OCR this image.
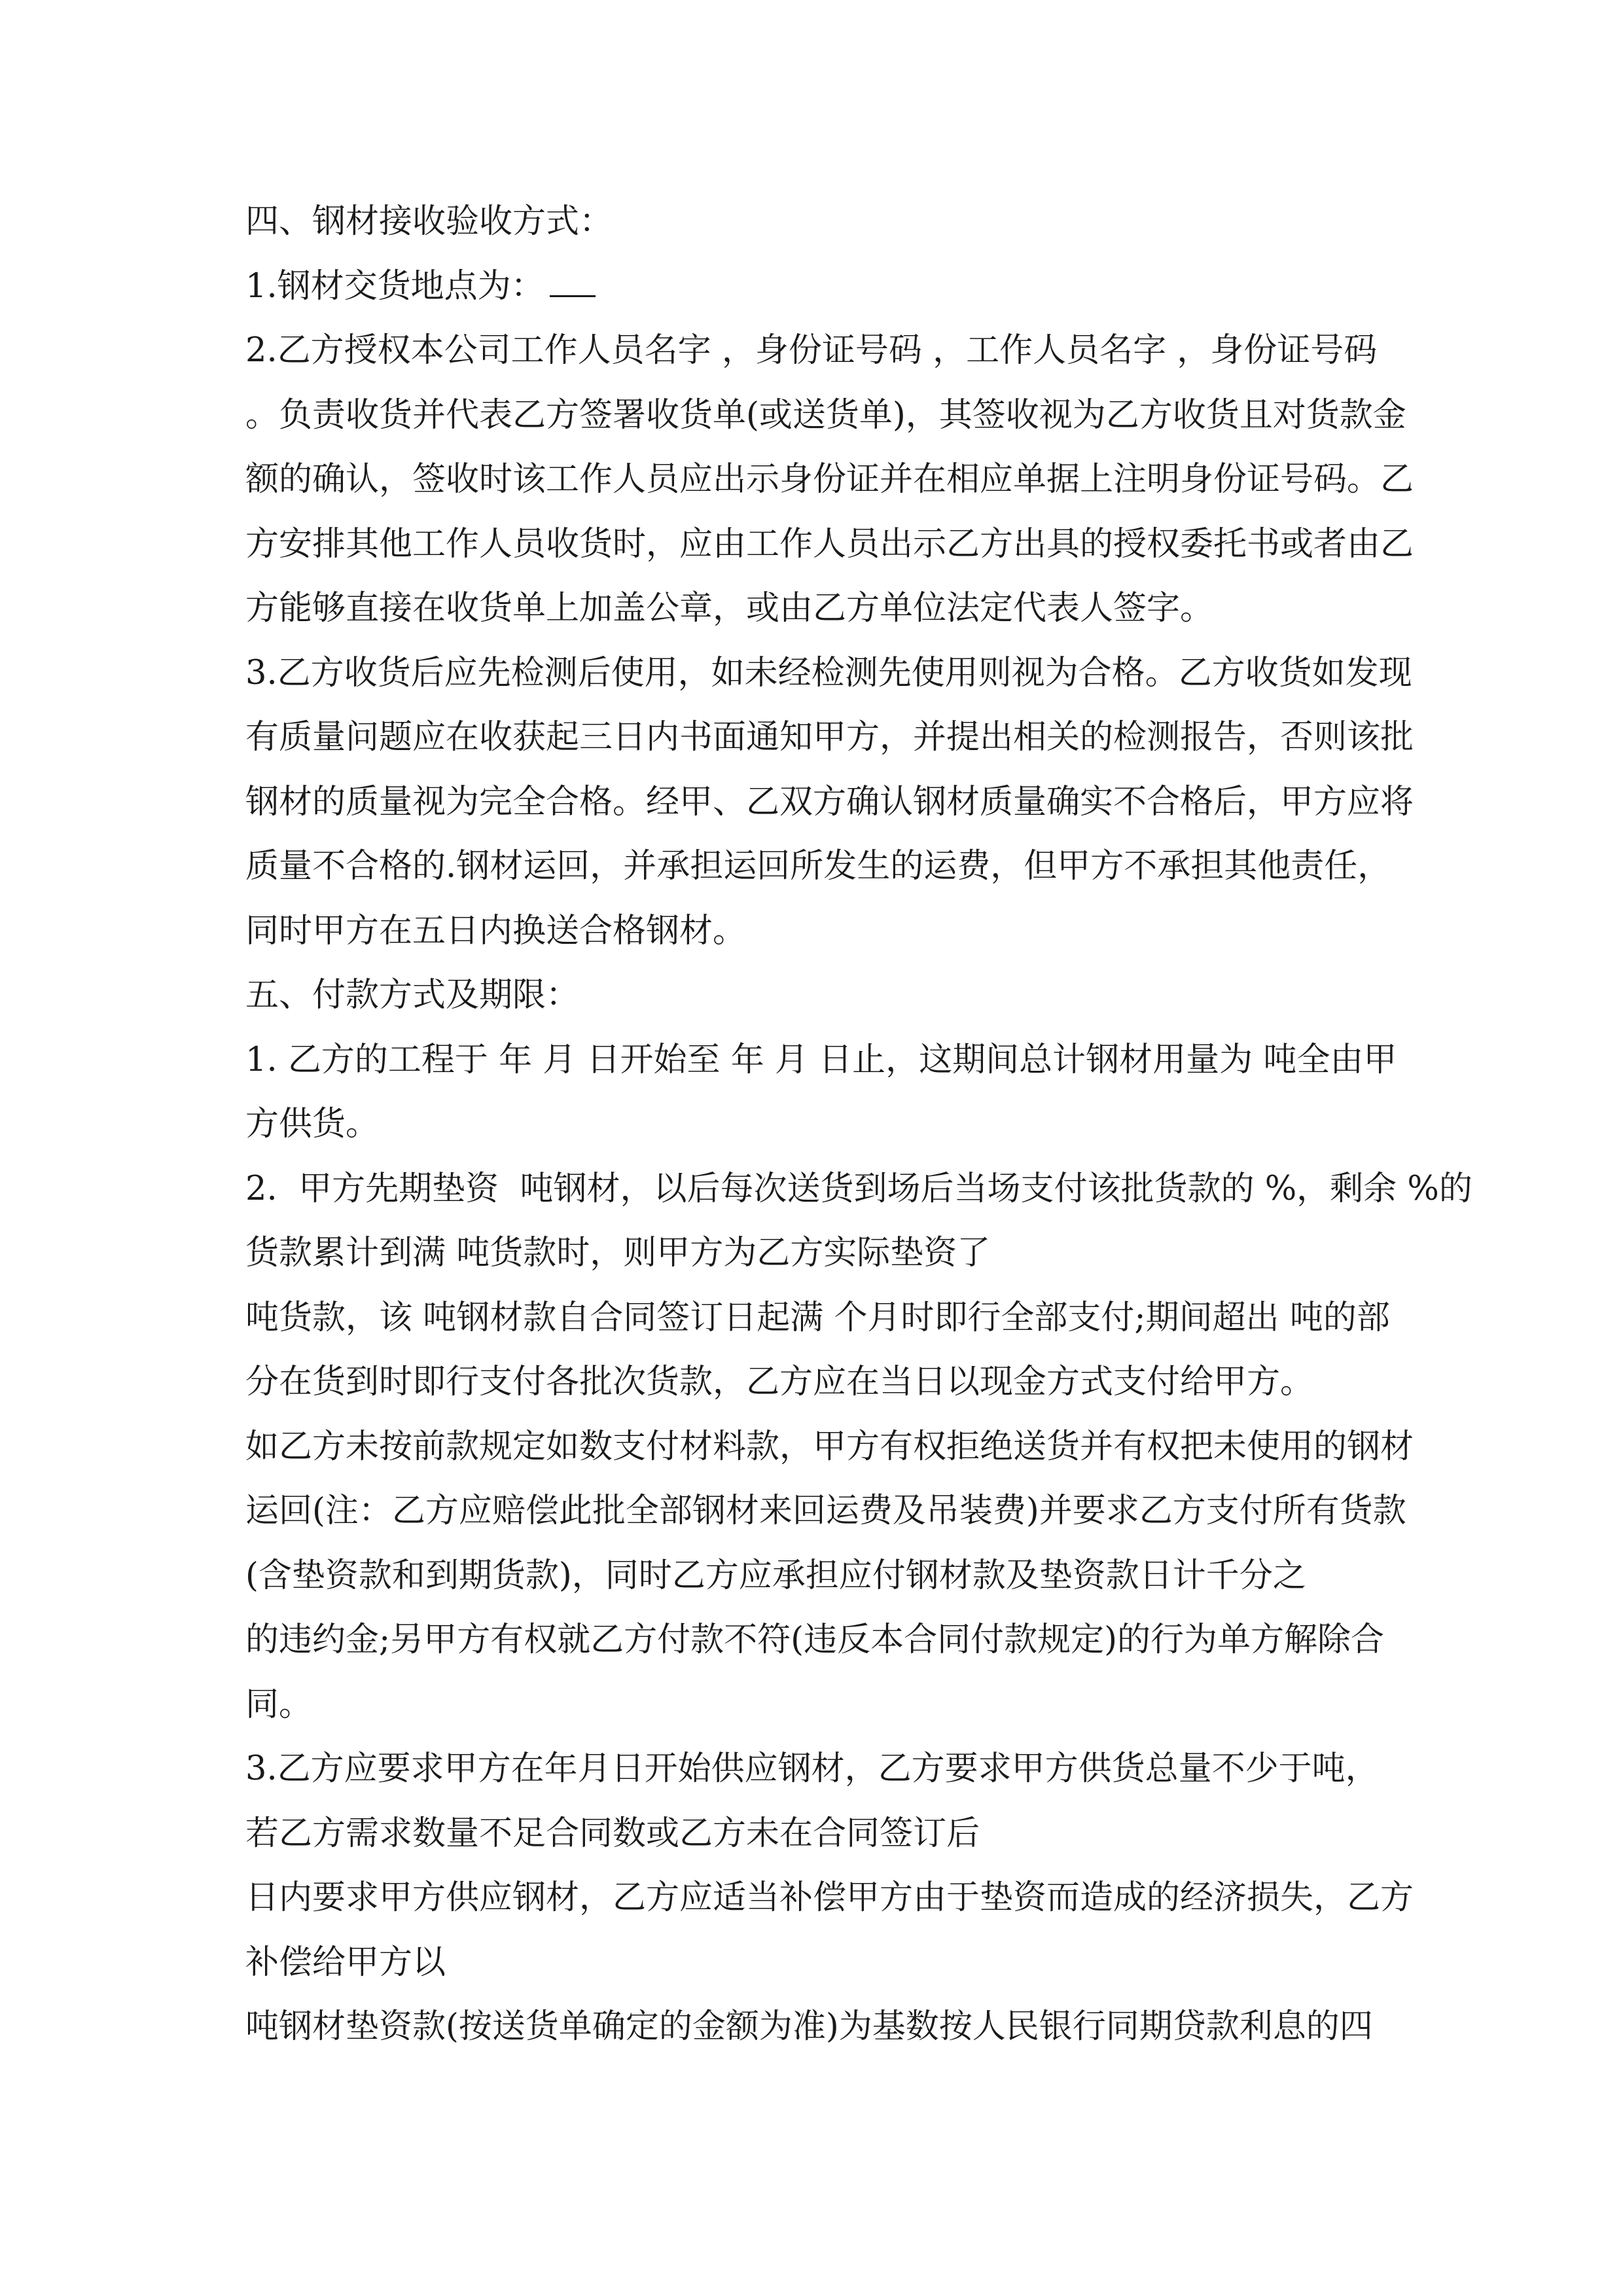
四、钢材接收验收方式：
1.钢材交货地点为：
2.乙方授权本公司工作人员名字 ，身份证号码 ，工作人员名字 ，身份证号码
。负责收货并代表乙方签署收货单(或送货单)，其签收视为乙方收货且对货款金
额的确认，签收时该工作人员应出示身份证并在相应单据上注明身份证号码。乙
方安排其他工作人员收货时，应由工作人员出示乙方出具的授权委托书或者由乙
方能够直接在收货单上加盖公章，或由乙方单位法定代表人签字。
3.乙方收货后应先检测后使用，如未经检测先使用则视为合格。乙方收货如发现
有质量问题应在收获起三日内书面通知甲方，并提出相关的检测报告，否则该批
钢材的质量视为完全合格。经甲、乙双方确认钢材质量确实不合格后，甲方应将
质量不合格的.钢材运回，并承担运回所发生的运费，但甲方不承担其他责任，
同时甲方在五日内换送合格钢材。
五、付款方式及期限：
1. 乙方的工程于 年 月 日开始至 年 月 日止，这期间总计钢材用量为 吨全由甲
方供货。
2.  甲方先期垫资  吨钢材，以后每次送货到场后当场支付该批货款的 %，剩余 %的
货款累计到满 吨货款时，则甲方为乙方实际垫资了
吨货款，该 吨钢材款自合同签订日起满 个月时即行全部支付;期间超出 吨的部
分在货到时即行支付各批次货款，乙方应在当日以现金方式支付给甲方。
如乙方未按前款规定如数支付材料款，甲方有权拒绝送货并有权把未使用的钢材
运回(注：乙方应赔偿此批全部钢材来回运费及吊装费)并要求乙方支付所有货款
(含垫资款和到期货款)，同时乙方应承担应付钢材款及垫资款日计千分之
的违约金;另甲方有权就乙方付款不符(违反本合同付款规定)的行为单方解除合
同。
3.乙方应要求甲方在年月日开始供应钢材，乙方要求甲方供货总量不少于吨，
若乙方需求数量不足合同数或乙方未在合同签订后
日内要求甲方供应钢材，乙方应适当补偿甲方由于垫资而造成的经济损失，乙方
补偿给甲方以
吨钢材垫资款(按送货单确定的金额为准)为基数按人民银行同期贷款利息的四
